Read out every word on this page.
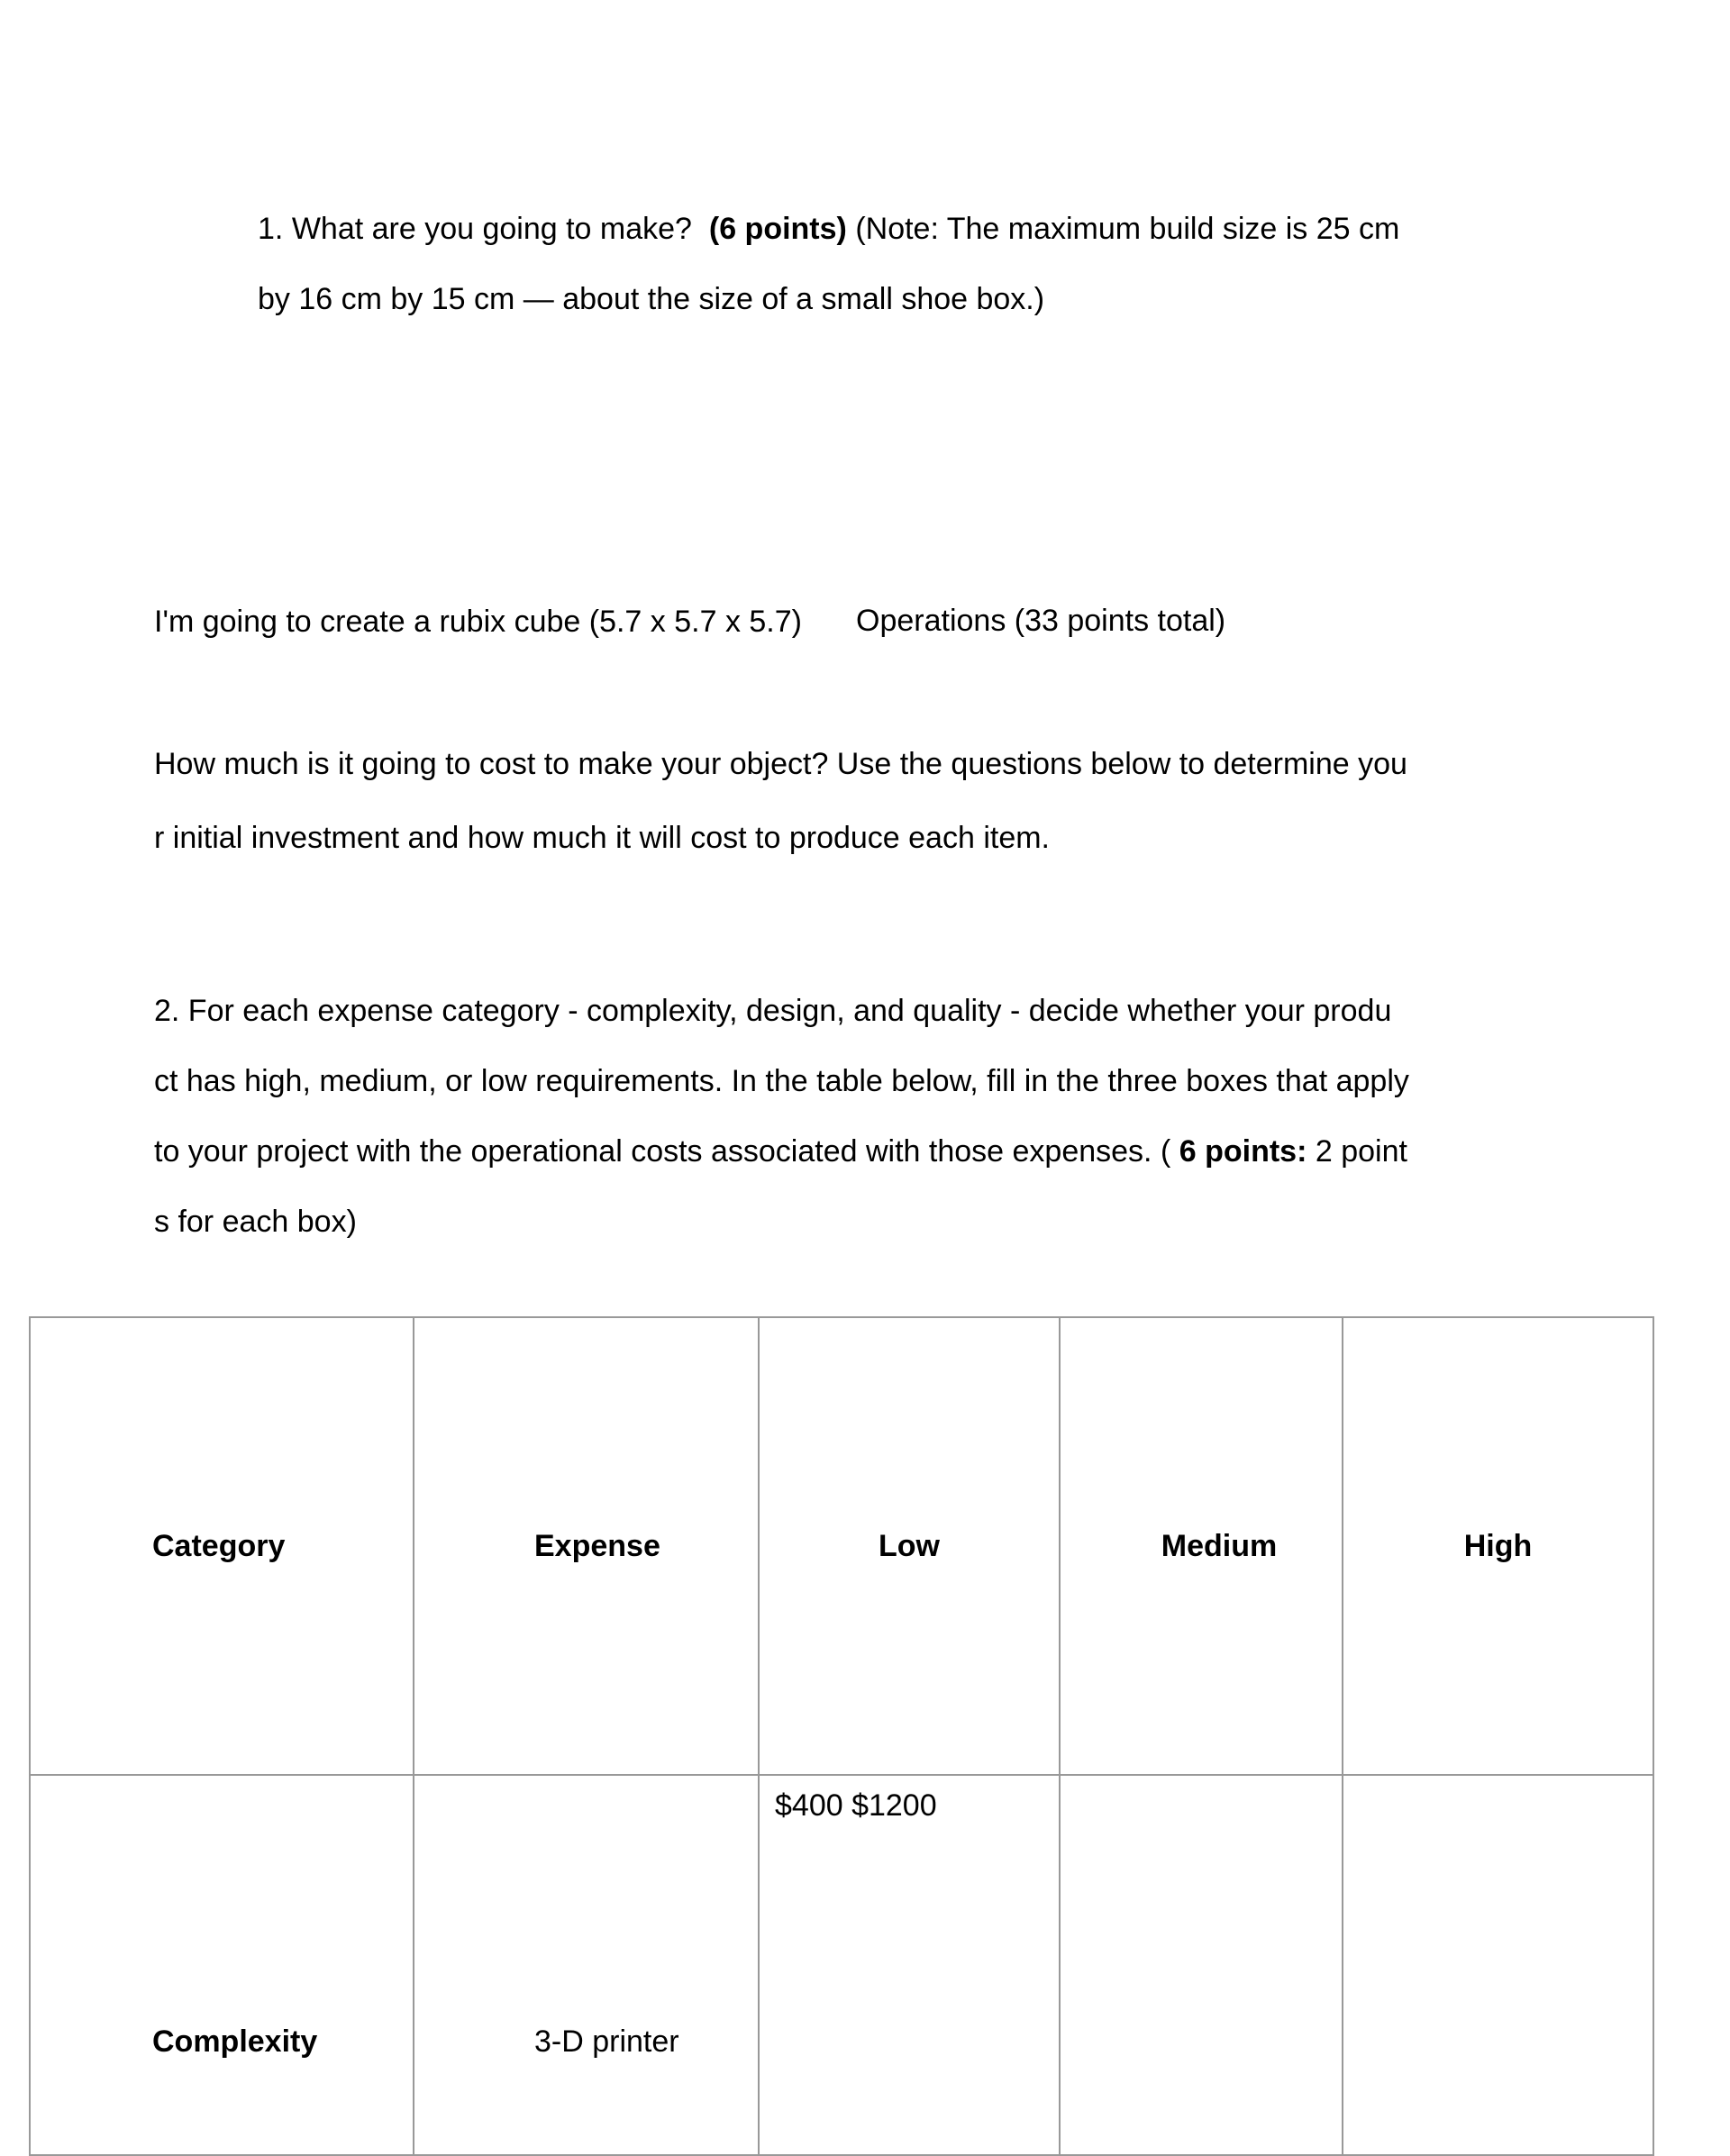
1. What are you going to make? (6 points) (Note: The maximum build size is 25 cm
by 16 cm by 15 cm — about the size of a small shoe box.)
I'm going to create a rubix cube (5.7 x 5.7 x 5.7) Operations (33 points total)
How much is it going to cost to make your object? Use the questions below to determine you
r initial investment and how much it will cost to produce each item.
2. For each expense category - complexity, design, and quality - decide whether your produ
ct has high, medium, or low requirements. In the table below, fill in the three boxes that apply
to your project with the operational costs associated with those expenses. ( 6 points: 2 point
s for each box)
Category	Expense	Low	Medium	High

Complexity	3-D printer	$400 $1200		
